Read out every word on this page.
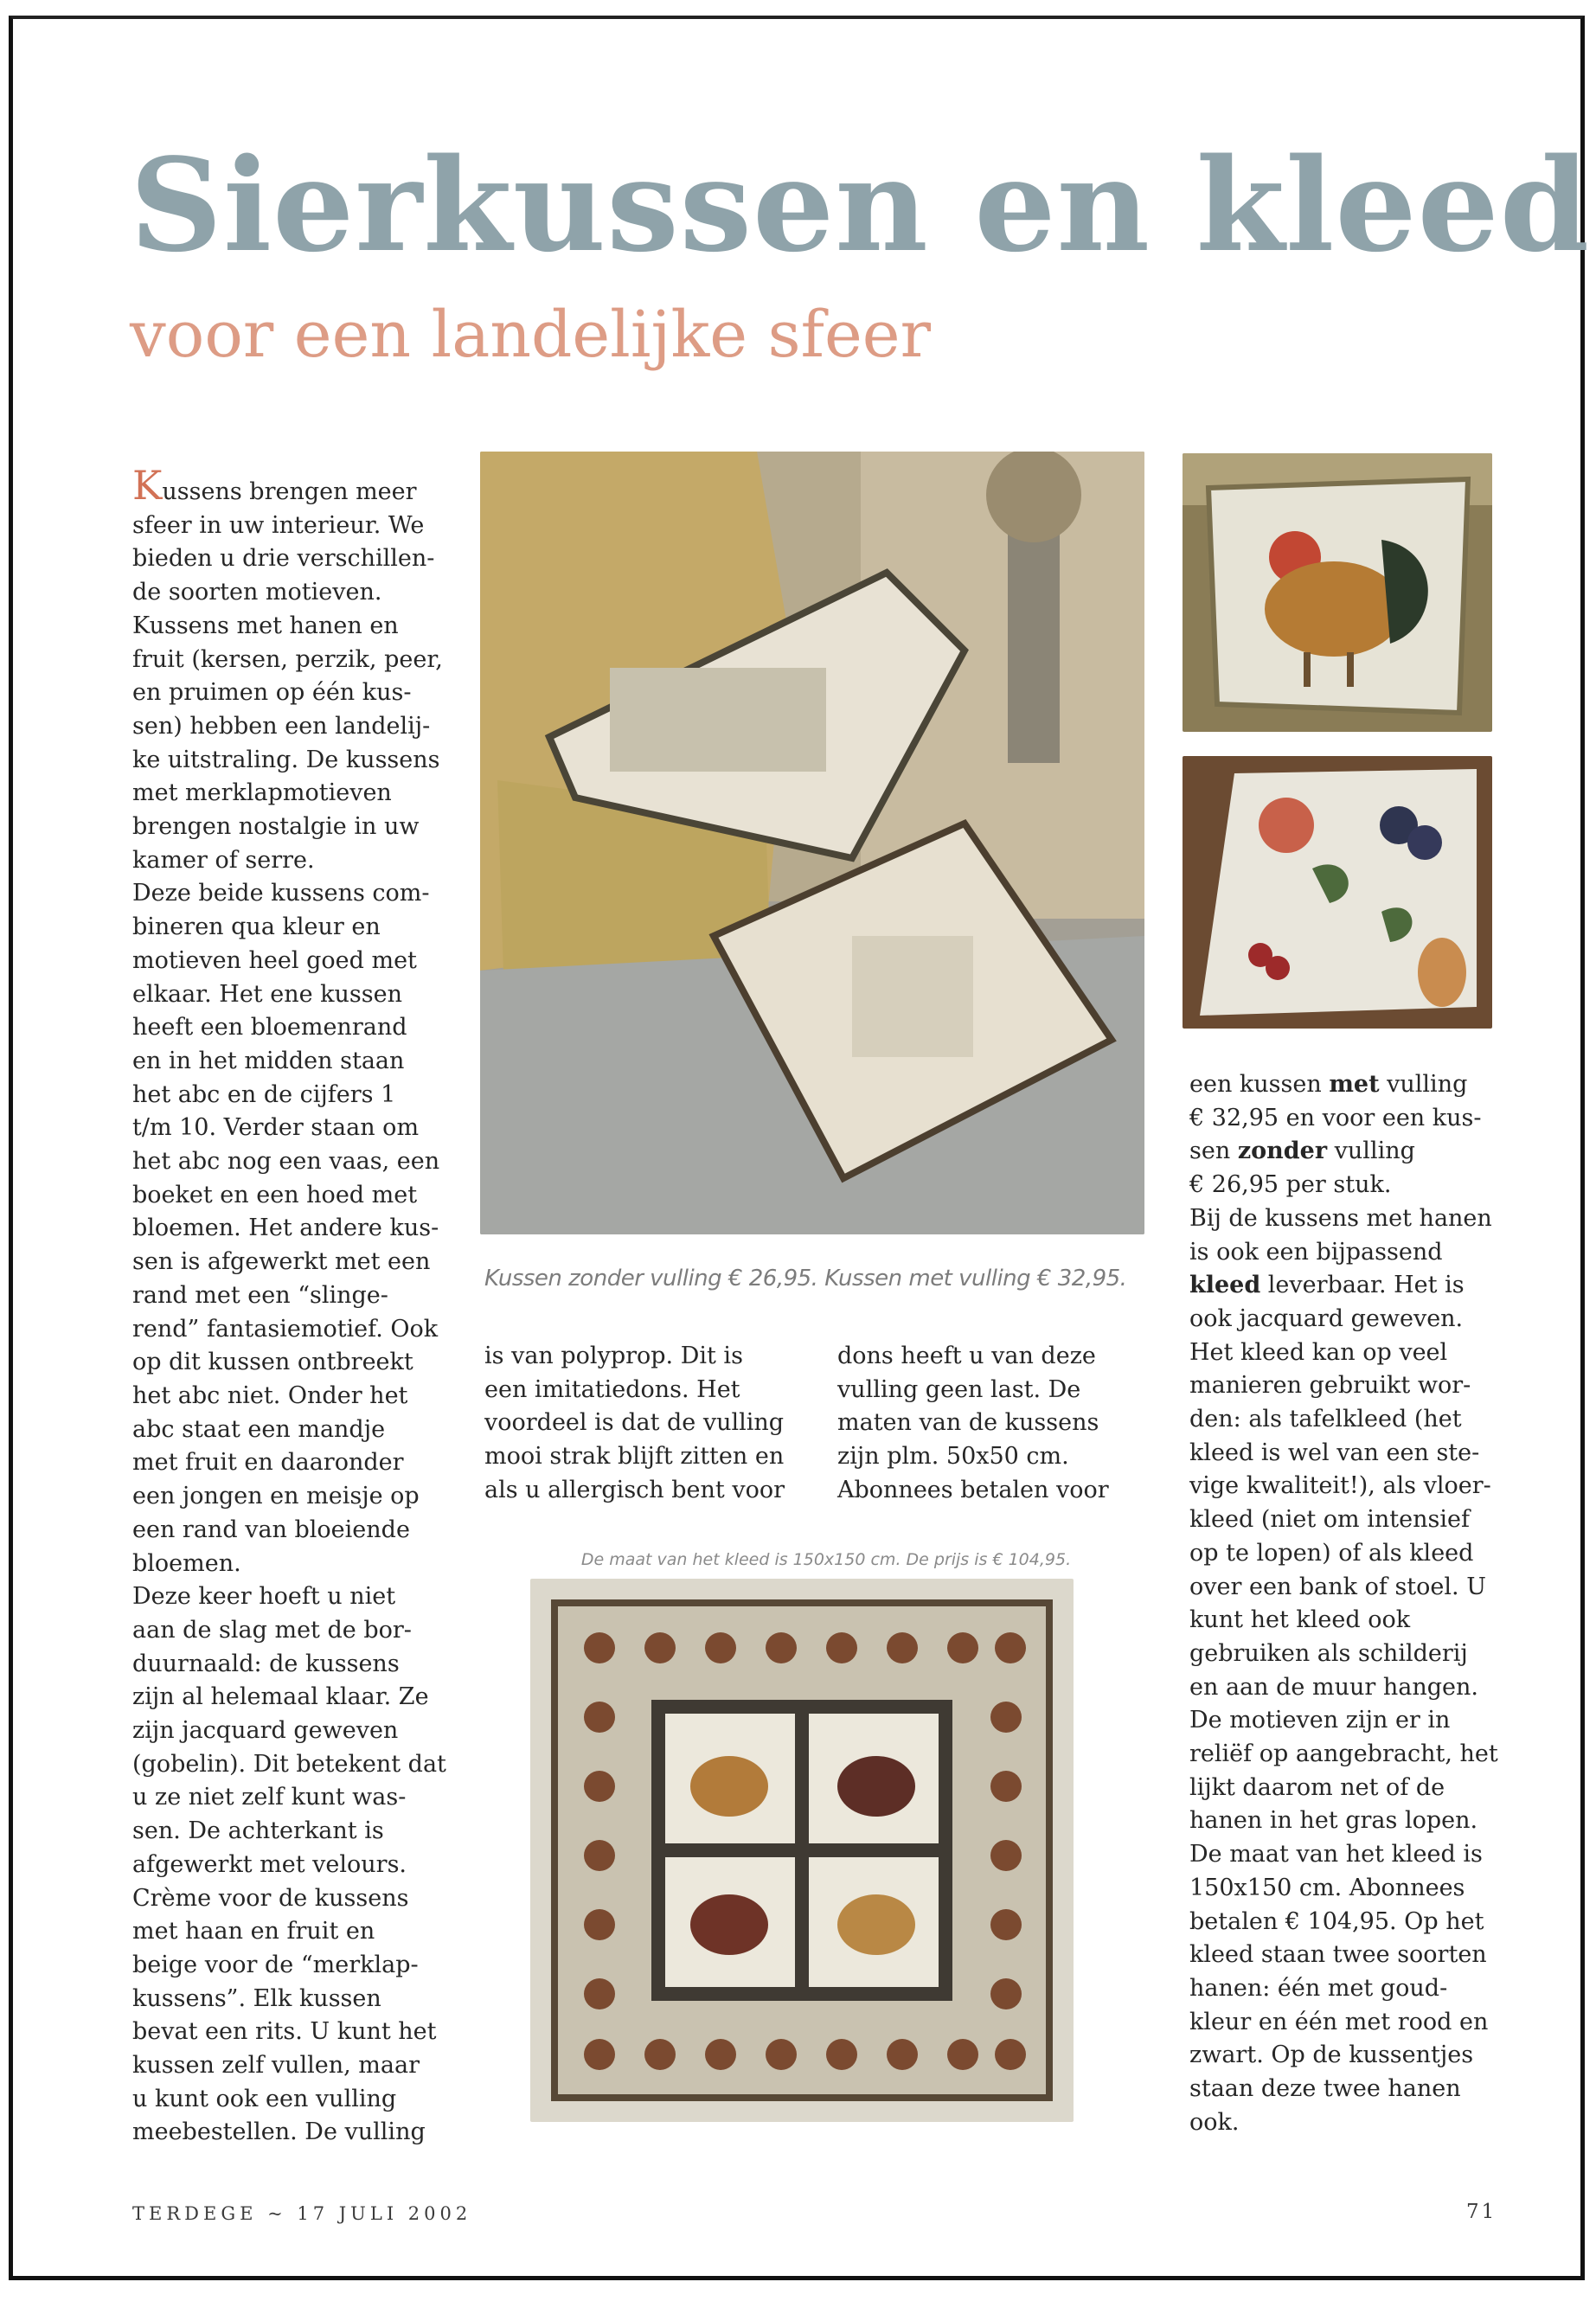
Sierkussen en kleed
voor een landelijke sfeer

Kussens brengen meer

sfeer in uw interieur. We

bieden u drie verschillen-

de soorten motieven.

Kussens met hanen en

fruit (kersen, perzik, peer,

en pruimen op één kus-

sen) hebben een landelij-

ke uitstraling. De kussens

met merklapmotieven

brengen nostalgie in uw

kamer of serre.

Deze beide kussens com-

bineren qua kleur en

motieven heel goed met

elkaar. Het ene kussen

heeft een bloemenrand

en in het midden staan

het abc en de cijfers 1

t/m 10. Verder staan om

het abc nog een vaas, een

boeket en een hoed met

bloemen. Het andere kus-

sen is afgewerkt met een

rand met een “slinge-

rend” fantasiemotief. Ook

op dit kussen ontbreekt

het abc niet. Onder het

abc staat een mandje

met fruit en daaronder

een jongen en meisje op

een rand van bloeiende

bloemen.

Deze keer hoeft u niet

aan de slag met de bor-

duurnaald: de kussens

zijn al helemaal klaar. Ze

zijn jacquard geweven

(gobelin). Dit betekent dat

u ze niet zelf kunt was-

sen. De achterkant is

afgewerkt met velours.

Crème voor de kussens

met haan en fruit en

beige voor de “merklap-

kussens”. Elk kussen

bevat een rits. U kunt het

kussen zelf vullen, maar

u kunt ook een vulling

meebestellen. De vulling

Kussen zonder vulling € 26,95. Kussen met vulling € 32,95.

is van polyprop. Dit is

een imitatiedons. Het

voordeel is dat de vulling

mooi strak blijft zitten en

als u allergisch bent voor

dons heeft u van deze

vulling geen last. De

maten van de kussens

zijn plm. 50x50 cm.

Abonnees betalen voor

De maat van het kleed is 150x150 cm. De prijs is € 104,95.

een kussen met vulling

€ 32,95 en voor een kus-

sen zonder vulling

€ 26,95 per stuk.

Bij de kussens met hanen

is ook een bijpassend

kleed leverbaar. Het is

ook jacquard geweven.

Het kleed kan op veel

manieren gebruikt wor-

den: als tafelkleed (het

kleed is wel van een ste-

vige kwaliteit!), als vloer-

kleed (niet om intensief

op te lopen) of als kleed

over een bank of stoel. U

kunt het kleed ook

gebruiken als schilderij

en aan de muur hangen.

De motieven zijn er in

reliëf op aangebracht, het

lijkt daarom net of de

hanen in het gras lopen.

De maat van het kleed is

150x150 cm. Abonnees

betalen € 104,95. Op het

kleed staan twee soorten

hanen: één met goud-

kleur en één met rood en

zwart. Op de kussentjes

staan deze twee hanen

ook.

TERDEGE ~ 17 JULI 2002	71
